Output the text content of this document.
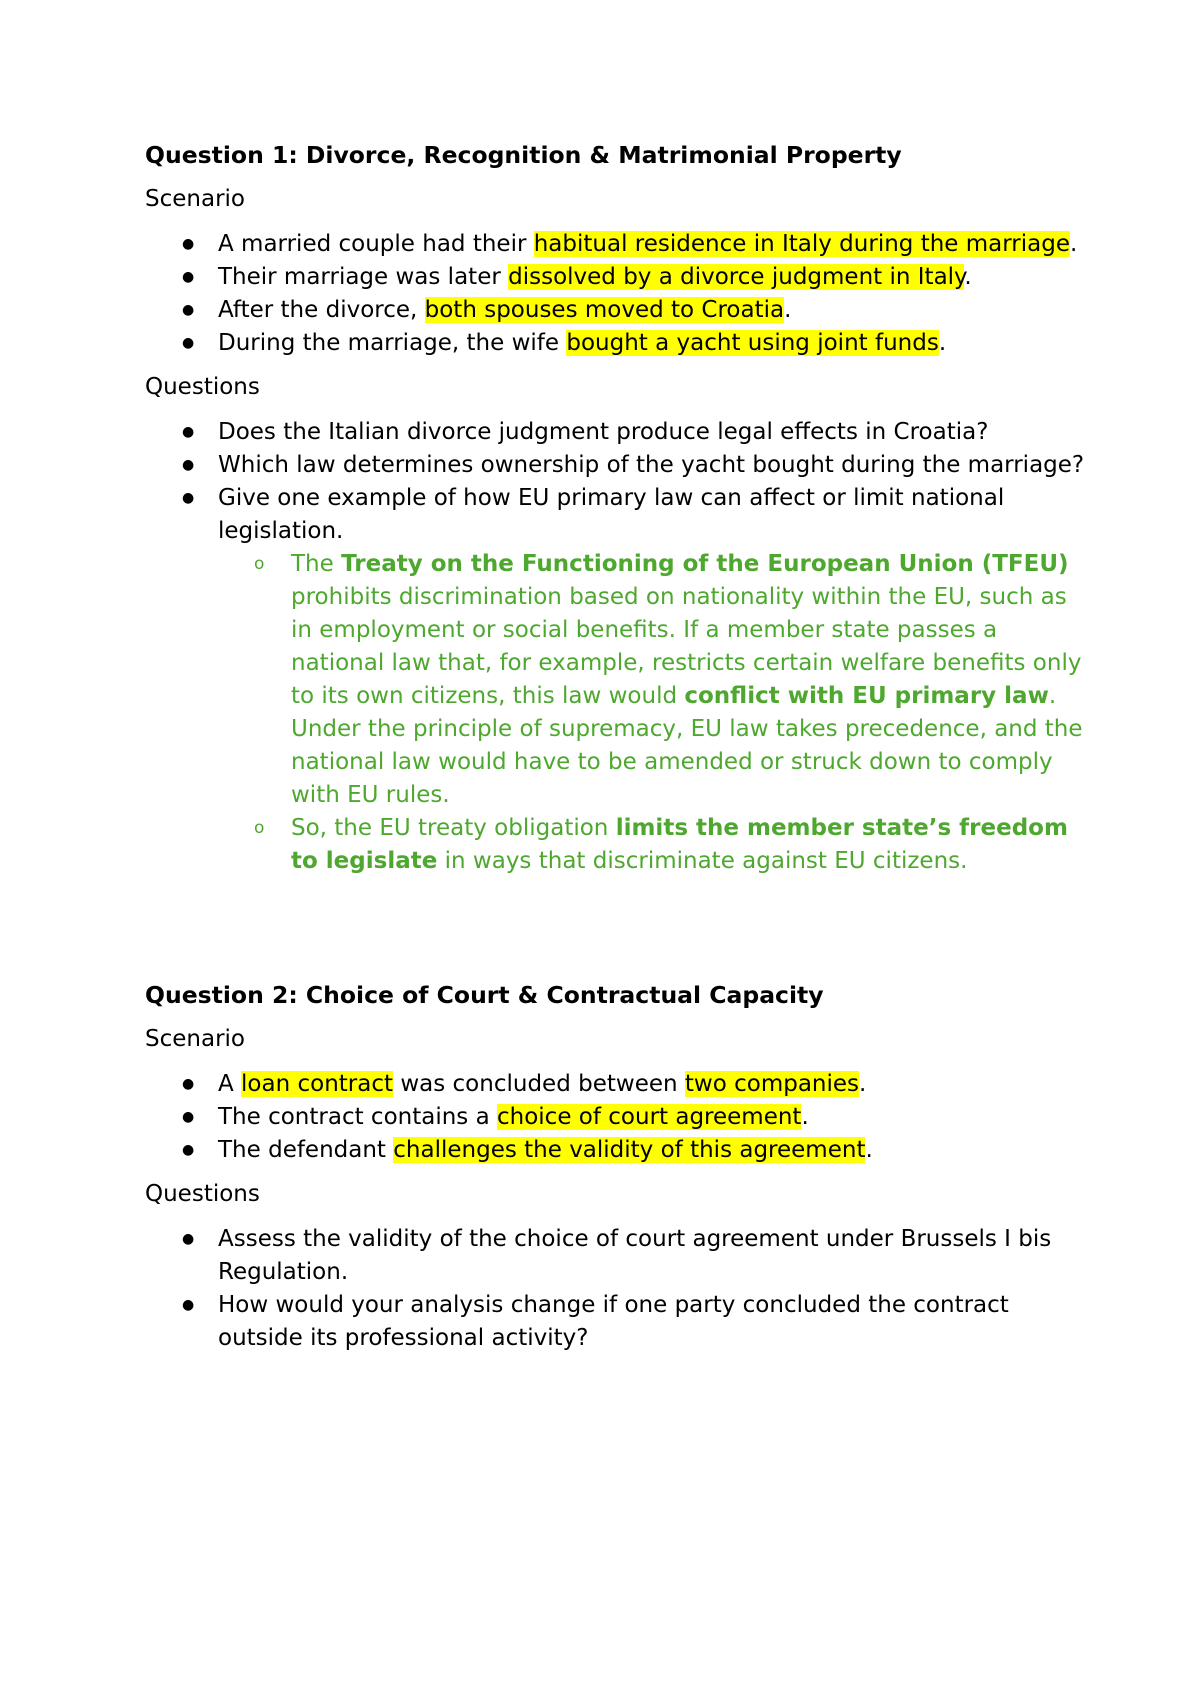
Question 1: Divorce, Recognition & Matrimonial Property

Scenario

● A married couple had their habitual residence in Italy during the marriage.
● Their marriage was later dissolved by a divorce judgment in Italy.
● After the divorce, both spouses moved to Croatia.
● During the marriage, the wife bought a yacht using joint funds.

Questions

● Does the Italian divorce judgment produce legal effects in Croatia?
● Which law determines ownership of the yacht bought during the marriage?
● Give one example of how EU primary law can affect or limit national legislation.
o The Treaty on the Functioning of the European Union (TFEU) prohibits discrimination based on nationality within the EU, such as in employment or social benefits. If a member state passes a national law that, for example, restricts certain welfare benefits only to its own citizens, this law would conflict with EU primary law. Under the principle of supremacy, EU law takes precedence, and the national law would have to be amended or struck down to comply with EU rules.
o So, the EU treaty obligation limits the member state’s freedom to legislate in ways that discriminate against EU citizens.

Question 2: Choice of Court & Contractual Capacity

Scenario

● A loan contract was concluded between two companies.
● The contract contains a choice of court agreement.
● The defendant challenges the validity of this agreement.

Questions

● Assess the validity of the choice of court agreement under Brussels I bis Regulation.
● How would your analysis change if one party concluded the contract outside its professional activity?
